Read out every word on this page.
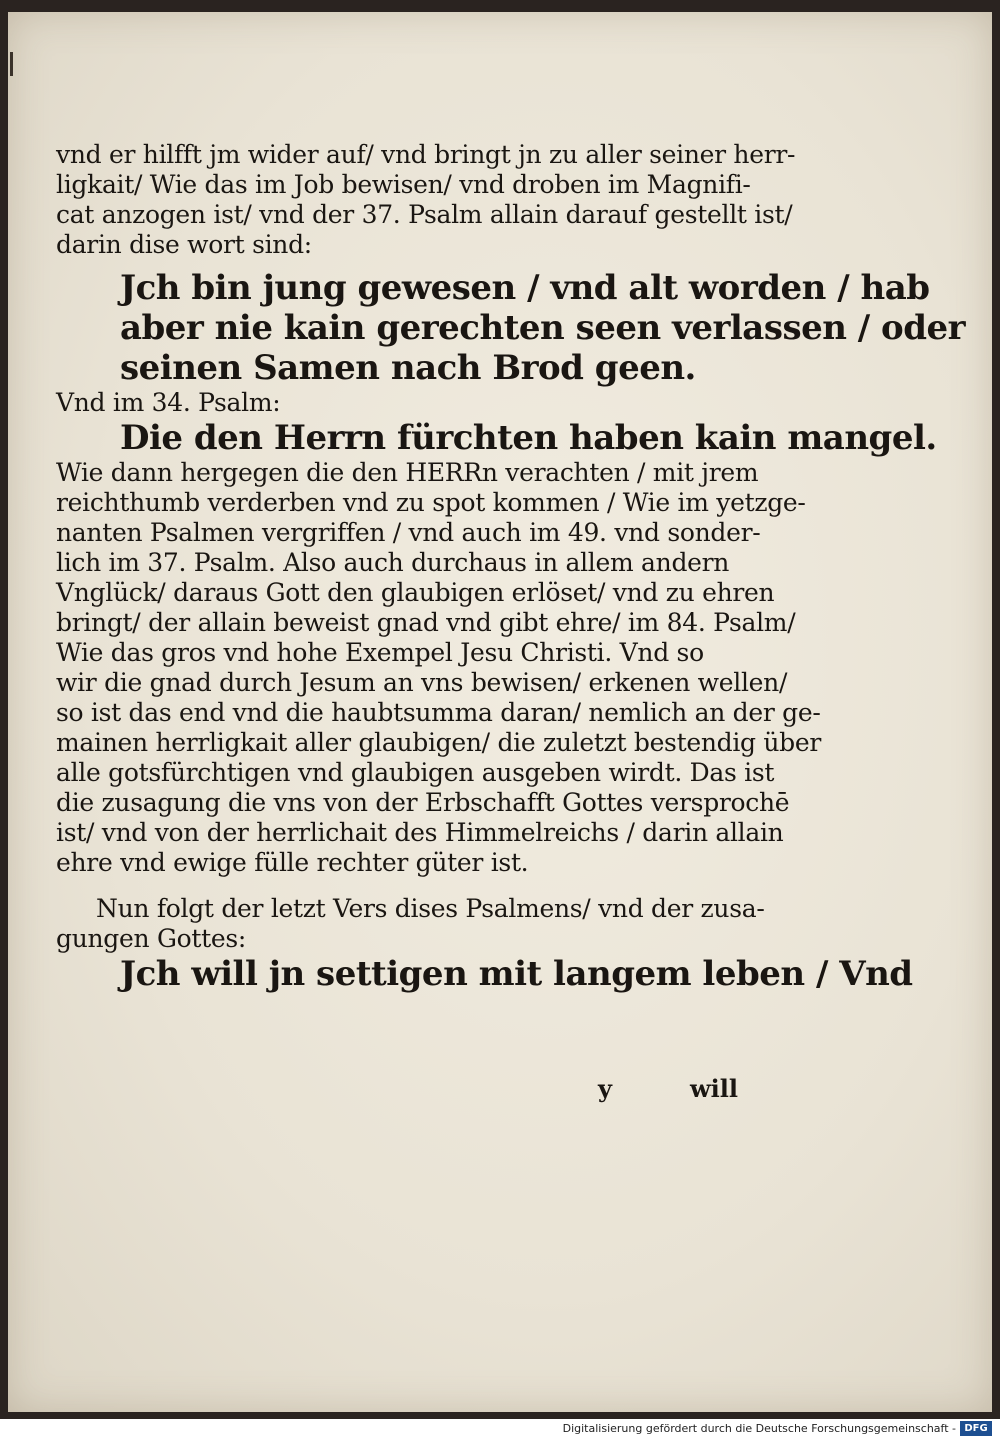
vnd er hilfft jm wider auf/ vnd bringt jn zu aller seiner herr-
ligkait/ Wie das im Job bewisen/ vnd droben im Magnifi-
cat anzogen ist/ vnd der 37. Psalm allain darauf gestellt ist/
darin dise wort sind:
Jch bin jung gewesen / vnd alt worden / hab
aber nie kain gerechten seen verlassen / oder
seinen Samen nach Brod geen.
Vnd im 34. Psalm:
Die den Herrn fürchten haben kain mangel.
Wie dann hergegen die den HERRn verachten / mit jrem
reichthumb verderben vnd zu spot kommen / Wie im yetzge-
nanten Psalmen vergriffen / vnd auch im 49. vnd sonder-
lich im 37. Psalm. Also auch durchaus in allem andern
Vnglück/ daraus Gott den glaubigen erlöset/ vnd zu ehren
bringt/ der allain beweist gnad vnd gibt ehre/ im 84. Psalm/
Wie das gros vnd hohe Exempel Jesu Christi. Vnd so
wir die gnad durch Jesum an vns bewisen/ erkenen wellen/
so ist das end vnd die haubtsumma daran/ nemlich an der ge-
mainen herrligkait aller glaubigen/ die zuletzt bestendig über
alle gotsfürchtigen vnd glaubigen ausgeben wirdt. Das ist
die zusagung die vns von der Erbschafft Gottes versprochē
ist/ vnd von der herrlichait des Himmelreichs / darin allain
ehre vnd ewige fülle rechter güter ist.
Nun folgt der letzt Vers dises Psalmens/ vnd der zusa-
gungen Gottes:
Jch will jn settigen mit langem leben / Vnd
y	will
Digitalisierung gefördert durch die Deutsche Forschungsgemeinschaft - DFG
